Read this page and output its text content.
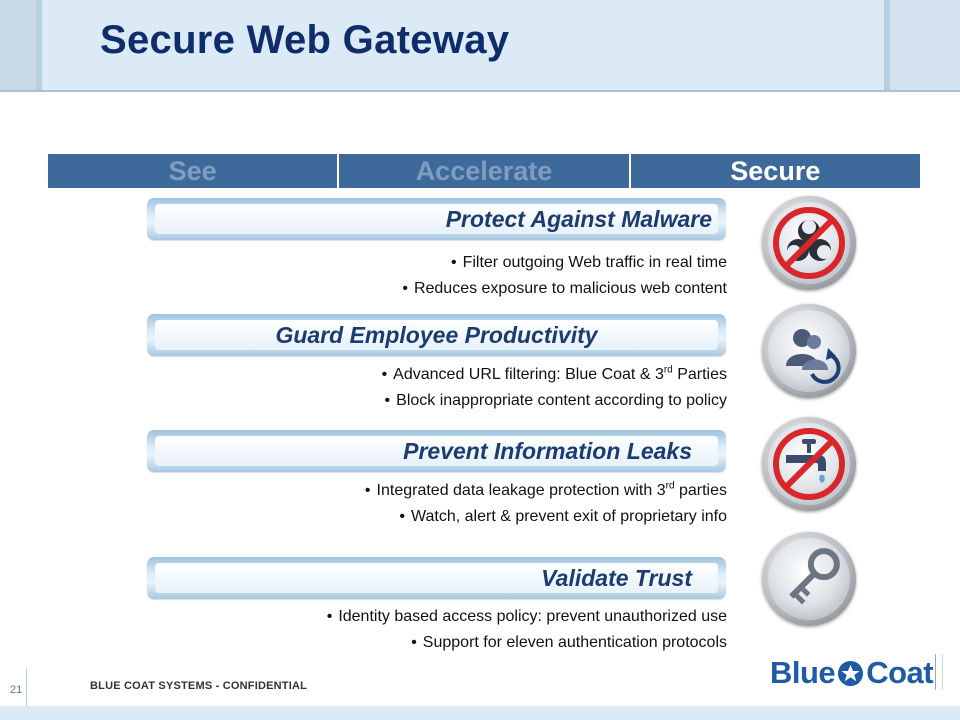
Secure Web Gateway
See	Accelerate	Secure
Protect Against Malware
• Filter outgoing Web traffic in real time
• Reduces exposure to malicious web content
Guard Employee Productivity
• Advanced URL filtering: Blue Coat & 3rd Parties
• Block inappropriate content according to policy
Prevent Information Leaks
• Integrated data leakage protection with 3rd parties
• Watch, alert & prevent exit of proprietary info
Validate Trust
• Identity based access policy: prevent unauthorized use
• Support for eleven authentication protocols
21	BLUE COAT SYSTEMS - CONFIDENTIAL	Blue Coat
